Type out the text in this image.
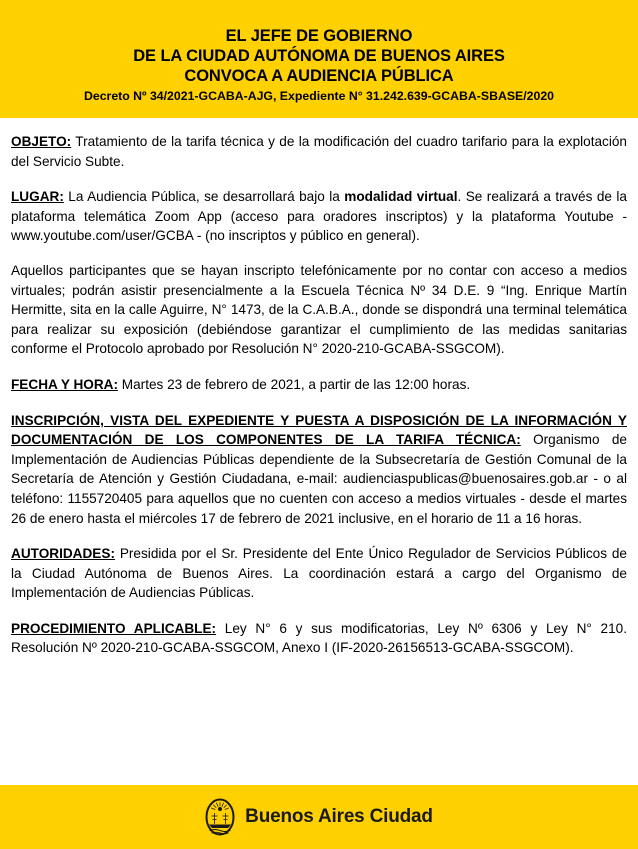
EL JEFE DE GOBIERNO
DE LA CIUDAD AUTÓNOMA DE BUENOS AIRES
CONVOCA A AUDIENCIA PÚBLICA
Decreto Nº 34/2021-GCABA-AJG, Expediente N° 31.242.639-GCABA-SBASE/2020

OBJETO: Tratamiento de la tarifa técnica y de la modificación del cuadro tarifario para la explotación del Servicio Subte.

LUGAR: La Audiencia Pública, se desarrollará bajo la modalidad virtual. Se realizará a través de la plataforma telemática Zoom App (acceso para oradores inscriptos) y la plataforma Youtube - www.youtube.com/user/GCBA - (no inscriptos y público en general).

Aquellos participantes que se hayan inscripto telefónicamente por no contar con acceso a medios virtuales; podrán asistir presencialmente a la Escuela Técnica Nº 34 D.E. 9 “Ing. Enrique Martín Hermitte, sita en la calle Aguirre, N° 1473, de la C.A.B.A., donde se dispondrá una terminal telemática para realizar su exposición (debiéndose garantizar el cumplimiento de las medidas sanitarias conforme el Protocolo aprobado por Resolución N° 2020-210-GCABA-SSGCOM).

FECHA Y HORA: Martes 23 de febrero de 2021, a partir de las 12:00 horas.

INSCRIPCIÓN, VISTA DEL EXPEDIENTE Y PUESTA A DISPOSICIÓN DE LA INFORMACIÓN Y DOCUMENTACIÓN DE LOS COMPONENTES DE LA TARIFA TÉCNICA: Organismo de Implementación de Audiencias Públicas dependiente de la Subsecretaría de Gestión Comunal de la Secretaría de Atención y Gestión Ciudadana, e-mail: audienciaspublicas@buenosaires.gob.ar - o al teléfono: 1155720405 para aquellos que no cuenten con acceso a medios virtuales - desde el martes 26 de enero hasta el miércoles 17 de febrero de 2021 inclusive, en el horario de 11 a 16 horas.

AUTORIDADES: Presidida por el Sr. Presidente del Ente Único Regulador de Servicios Públicos de la Ciudad Autónoma de Buenos Aires. La coordinación estará a cargo del Organismo de Implementación de Audiencias Públicas.

PROCEDIMIENTO APLICABLE: Ley N° 6 y sus modificatorias, Ley Nº 6306 y Ley N° 210. Resolución Nº 2020-210-GCABA-SSGCOM, Anexo I (IF-2020-26156513-GCABA-SSGCOM).

Buenos Aires Ciudad
